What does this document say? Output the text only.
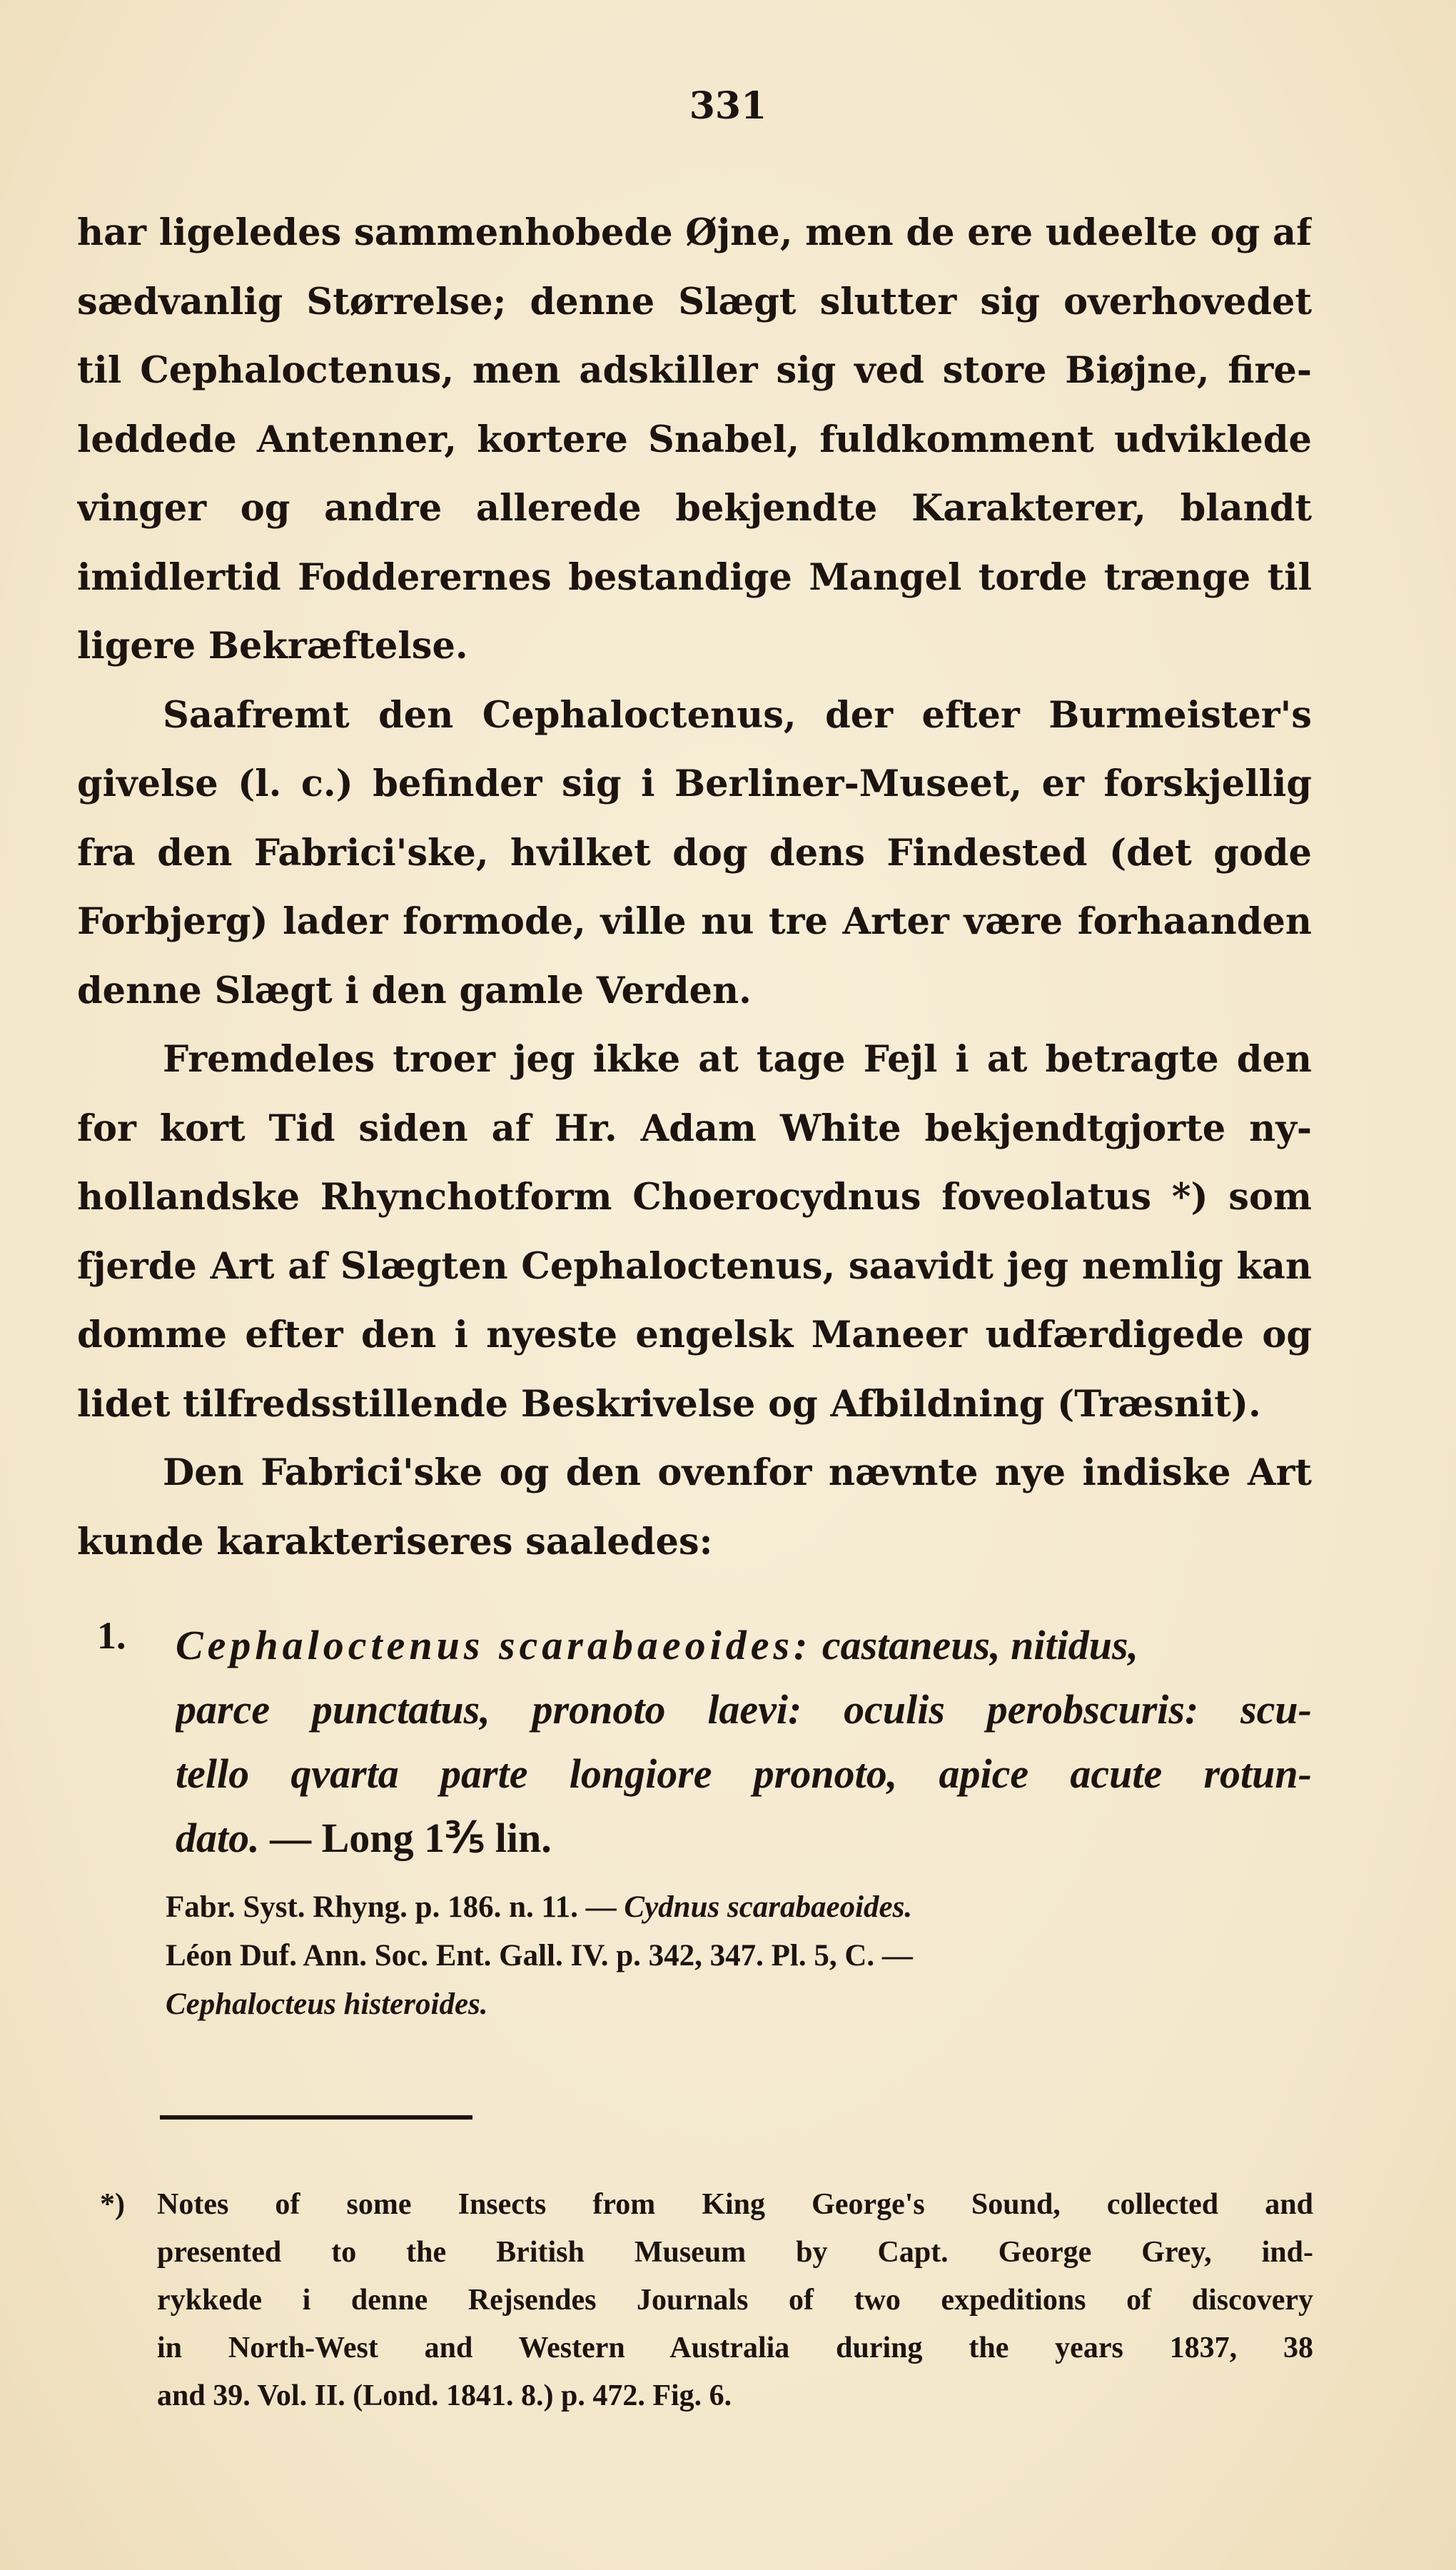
331
har ligeledes sammenhobede Øjne, men de ere udeelte og af
sædvanlig Størrelse; denne Slægt slutter sig overhovedet
til Cephaloctenus, men adskiller sig ved store Biøjne, fire-
leddede Antenner, kortere Snabel, fuldkomment udviklede
vinger og andre allerede bekjendte Karakterer, blandt
imidlertid Fodderernes bestandige Mangel torde trænge til
ligere Bekræftelse.
Saafremt den Cephaloctenus, der efter Burmeister's
givelse (l. c.) befinder sig i Berliner-Museet, er forskjellig
fra den Fabrici'ske, hvilket dog dens Findested (det gode
Forbjerg) lader formode, ville nu tre Arter være forhaanden
denne Slægt i den gamle Verden.
Fremdeles troer jeg ikke at tage Fejl i at betragte den
for kort Tid siden af Hr. Adam White bekjendtgjorte ny-
hollandske Rhynchotform Choerocydnus foveolatus *) som
fjerde Art af Slægten Cephaloctenus, saavidt jeg nemlig kan
domme efter den i nyeste engelsk Maneer udfærdigede og
lidet tilfredsstillende Beskrivelse og Afbildning (Træsnit).
Den Fabrici'ske og den ovenfor nævnte nye indiske Art
kunde karakteriseres saaledes:
1. Cephaloctenus scarabaeoides: castaneus, nitidus,
parce punctatus, pronoto laevi: oculis perobscuris: scu-
tello qvarta parte longiore pronoto, apice acute rotun-
dato. — Long 1⅗ lin.
Fabr. Syst. Rhyng. p. 186. n. 11. — Cydnus scarabaeoides.
Léon Duf. Ann. Soc. Ent. Gall. IV. p. 342, 347. Pl. 5, C. —
Cephalocteus histeroides.
*) Notes of some Insects from King George's Sound, collected and
presented to the British Museum by Capt. George Grey, ind-
rykkede i denne Rejsendes Journals of two expeditions of discovery
in North-West and Western Australia during the years 1837, 38
and 39. Vol. II. (Lond. 1841. 8.) p. 472. Fig. 6.
